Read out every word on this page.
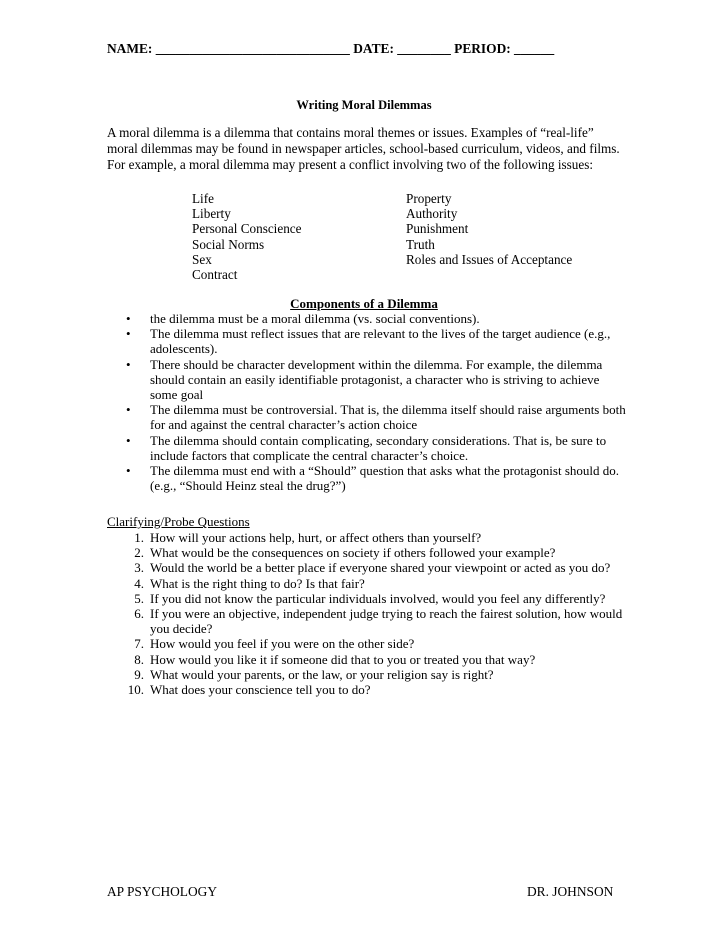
NAME: _____________________________ DATE: ________ PERIOD: ______
Writing Moral Dilemmas
A moral dilemma is a dilemma that contains moral themes or issues. Examples of “real-life” moral dilemmas may be found in newspaper articles, school-based curriculum, videos, and films. For example, a moral dilemma may present a conflict involving two of the following issues:
Life
Liberty
Personal Conscience
Social Norms
Sex
Contract
Property
Authority
Punishment
Truth
Roles and Issues of Acceptance
Components of a Dilemma
• the dilemma must be a moral dilemma (vs. social conventions).
• The dilemma must reflect issues that are relevant to the lives of the target audience (e.g., adolescents).
• There should be character development within the dilemma. For example, the dilemma should contain an easily identifiable protagonist, a character who is striving to achieve some goal
• The dilemma must be controversial. That is, the dilemma itself should raise arguments both for and against the central character’s action choice
• The dilemma should contain complicating, secondary considerations. That is, be sure to include factors that complicate the central character’s choice.
• The dilemma must end with a “Should” question that asks what the protagonist should do. (e.g., “Should Heinz steal the drug?”)
Clarifying/Probe Questions
1. How will your actions help, hurt, or affect others than yourself?
2. What would be the consequences on society if others followed your example?
3. Would the world be a better place if everyone shared your viewpoint or acted as you do?
4. What is the right thing to do? Is that fair?
5. If you did not know the particular individuals involved, would you feel any differently?
6. If you were an objective, independent judge trying to reach the fairest solution, how would you decide?
7. How would you feel if you were on the other side?
8. How would you like it if someone did that to you or treated you that way?
9. What would your parents, or the law, or your religion say is right?
10. What does your conscience tell you to do?
AP PSYCHOLOGY	DR. JOHNSON
